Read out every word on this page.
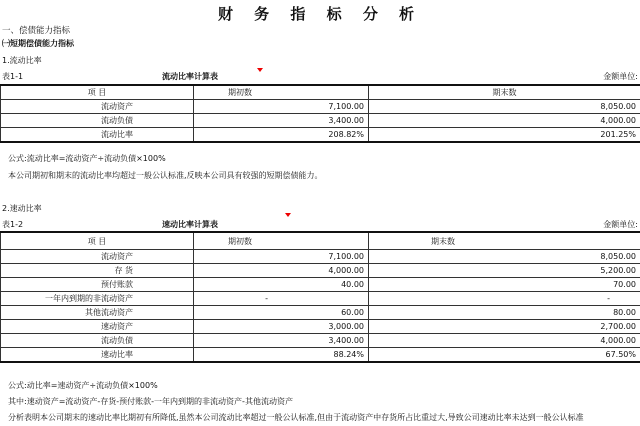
财 务 指 标 分 析
一、偿债能力指标
㈠短期偿债能力指标
1.流动比率
表1-1	流动比率计算表	金额单位:
项 目	期初数	期末数
流动资产	7,100.00	8,050.00
流动负债	3,400.00	4,000.00
流动比率	208.82%	201.25%
公式:流动比率=流动资产÷流动负债×100%
本公司期初和期末的流动比率均超过一般公认标准,反映本公司具有较强的短期偿债能力。
2.速动比率
表1-2	速动比率计算表	金额单位:
项 目	期初数	期末数
流动资产	7,100.00	8,050.00
存 货	4,000.00	5,200.00
预付账款	40.00	70.00
一年内到期的非流动资产	-	-
其他流动资产	60.00	80.00
速动资产	3,000.00	2,700.00
流动负债	3,400.00	4,000.00
速动比率	88.24%	67.50%
公式:动比率=速动资产÷流动负债×100%
其中:速动资产=流动资产-存货-预付账款-一年内到期的非流动资产-其他流动资产
分析表明本公司期末的速动比率比期初有所降低,虽然本公司流动比率超过一般公认标准,但由于流动资产中存货所占比重过大,导致公司速动比率未达到一般公认标准
